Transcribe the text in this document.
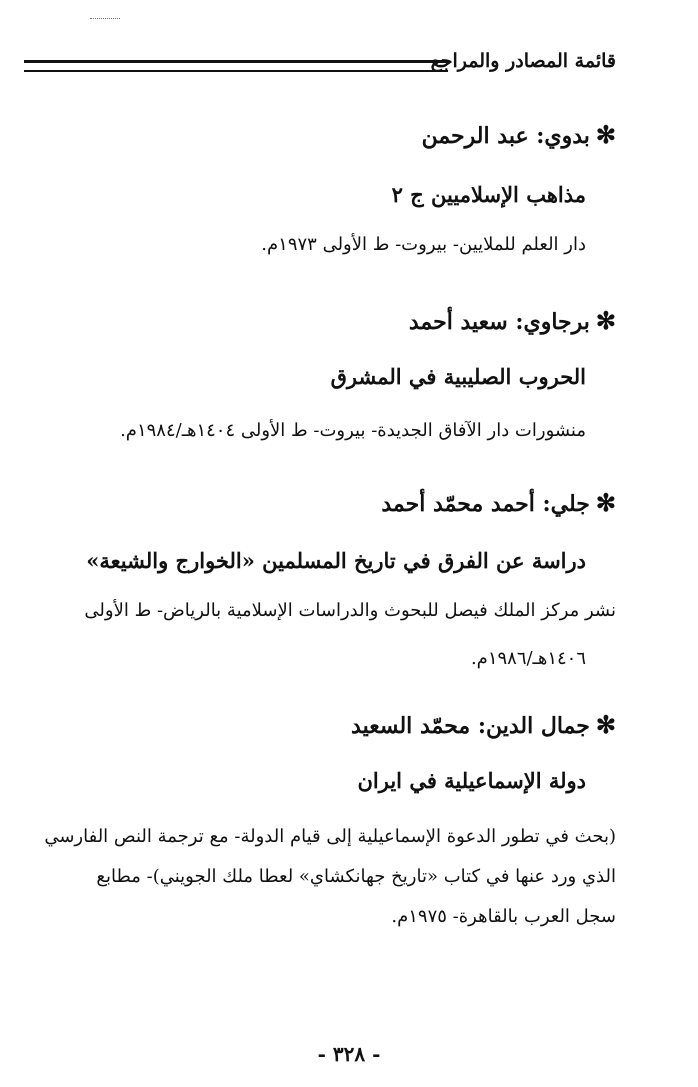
قائمة المصادر والمراجع
✻بدوي: عبد الرحمن
مذاهب الإسلاميين ج ٢
دار العلم للملايين- بيروت- ط الأولى ١٩٧٣م.
✻برجاوي: سعيد أحمد
الحروب الصليبية في المشرق
منشورات دار الآفاق الجديدة- بيروت- ط الأولى ١٤٠٤هـ/١٩٨٤م.
✻جلي: أحمد محمّد أحمد
دراسة عن الفرق في تاريخ المسلمين «الخوارج والشيعة»
نشر مركز الملك فيصل للبحوث والدراسات الإسلامية بالرياض- ط الأولى
١٤٠٦هـ/١٩٨٦م.
✻جمال الدين: محمّد السعيد
دولة الإسماعيلية في ايران
(بحث في تطور الدعوة الإسماعيلية إلى قيام الدولة- مع ترجمة النص الفارسي
الذي ورد عنها في كتاب «تاريخ جهانكشاي» لعطا ملك الجويني)- مطابع
سجل العرب بالقاهرة- ١٩٧٥م.
- ٣٢٨ -
